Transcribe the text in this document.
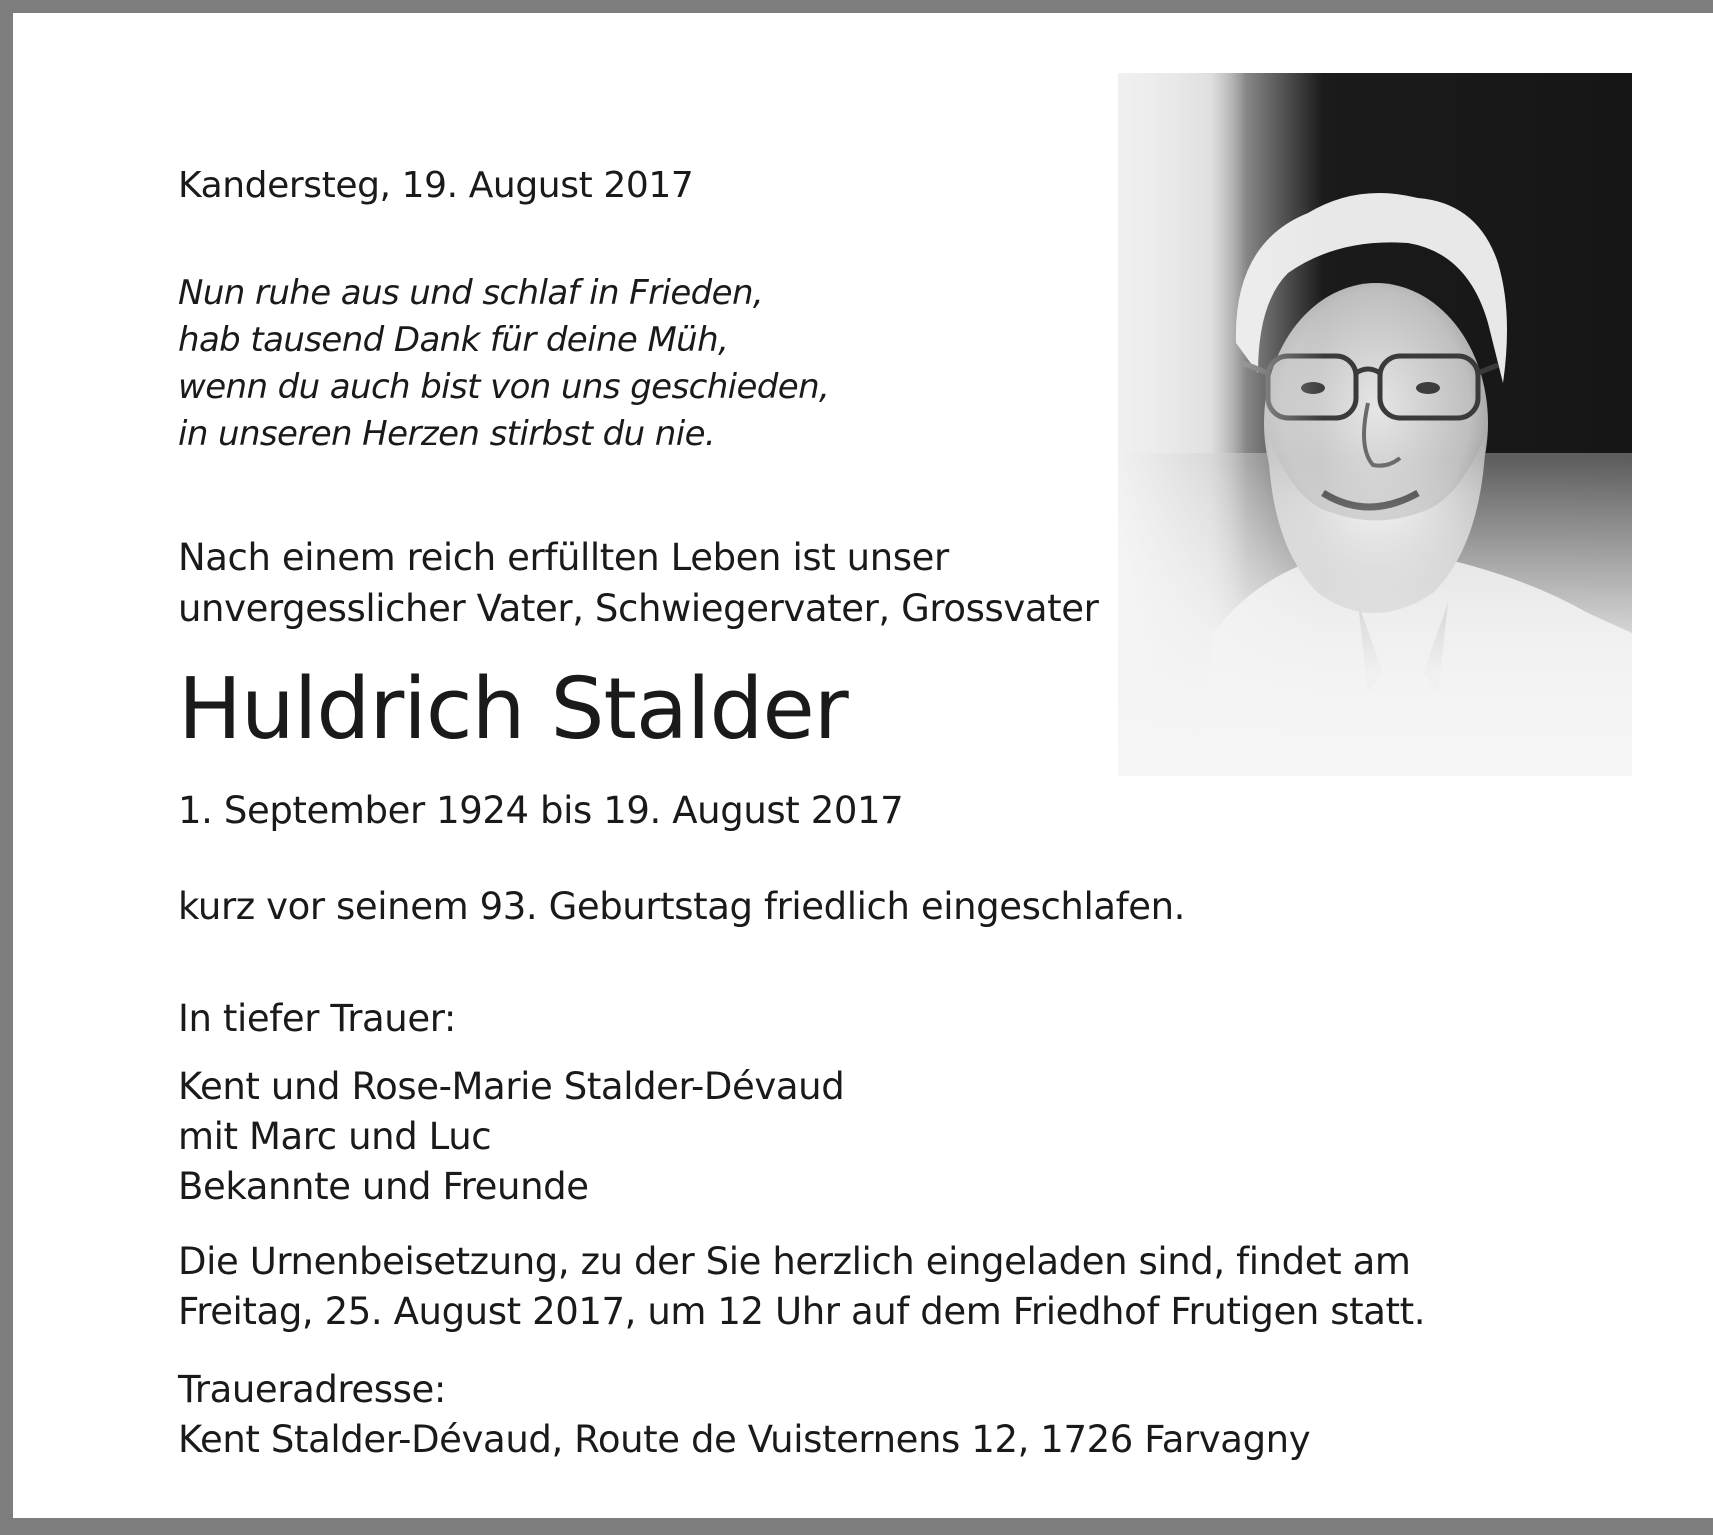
Kandersteg, 19. August 2017
Nun ruhe aus und schlaf in Frieden,
hab tausend Dank für deine Müh,
wenn du auch bist von uns geschieden,
in unseren Herzen stirbst du nie.
Nach einem reich erfüllten Leben ist unser
unvergesslicher Vater, Schwiegervater, Grossvater
Huldrich Stalder
1. September 1924 bis 19. August 2017
kurz vor seinem 93. Geburtstag friedlich eingeschlafen.
In tiefer Trauer:
Kent und Rose-Marie Stalder-Dévaud
mit Marc und Luc
Bekannte und Freunde
Die Urnenbeisetzung, zu der Sie herzlich eingeladen sind, findet am
Freitag, 25. August 2017, um 12 Uhr auf dem Friedhof Frutigen statt.
Traueradresse:
Kent Stalder-Dévaud, Route de Vuisternens 12, 1726 Farvagny
